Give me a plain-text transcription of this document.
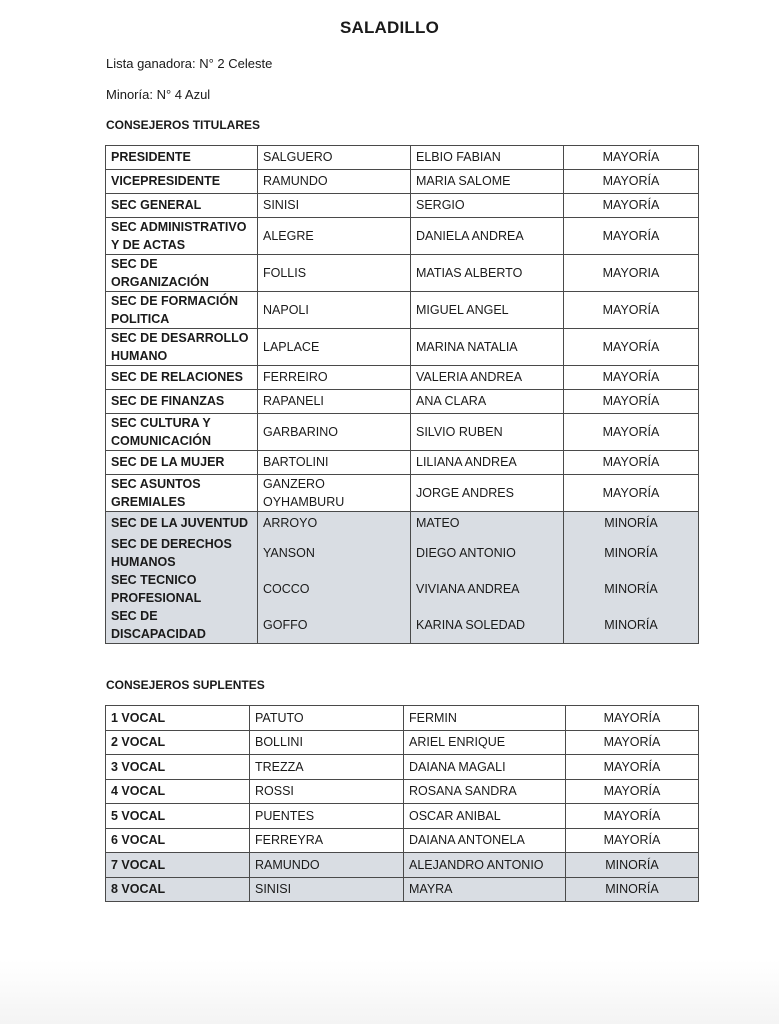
SALADILLO
Lista ganadora: N° 2 Celeste
Minoría: N° 4 Azul
CONSEJEROS TITULARES
PRESIDENTE	SALGUERO	ELBIO FABIAN	MAYORÍA
VICEPRESIDENTE	RAMUNDO	MARIA SALOME	MAYORÍA
SEC GENERAL	SINISI	SERGIO	MAYORÍA
SEC ADMINISTRATIVO Y DE ACTAS	ALEGRE	DANIELA ANDREA	MAYORÍA
SEC DE ORGANIZACIÓN	FOLLIS	MATIAS ALBERTO	MAYORIA
SEC DE FORMACIÓN POLITICA	NAPOLI	MIGUEL ANGEL	MAYORÍA
SEC DE DESARROLLO HUMANO	LAPLACE	MARINA NATALIA	MAYORÍA
SEC DE RELACIONES	FERREIRO	VALERIA ANDREA	MAYORÍA
SEC DE FINANZAS	RAPANELI	ANA CLARA	MAYORÍA
SEC CULTURA Y COMUNICACIÓN	GARBARINO	SILVIO RUBEN	MAYORÍA
SEC DE LA MUJER	BARTOLINI	LILIANA ANDREA	MAYORÍA
SEC ASUNTOS GREMIALES	GANZERO OYHAMBURU	JORGE ANDRES	MAYORÍA
SEC DE LA JUVENTUD	ARROYO	MATEO	MINORÍA
SEC DE DERECHOS HUMANOS	YANSON	DIEGO ANTONIO	MINORÍA
SEC TECNICO PROFESIONAL	COCCO	VIVIANA ANDREA	MINORÍA
SEC DE DISCAPACIDAD	GOFFO	KARINA SOLEDAD	MINORÍA
CONSEJEROS SUPLENTES
1 VOCAL	PATUTO	FERMIN	MAYORÍA
2 VOCAL	BOLLINI	ARIEL ENRIQUE	MAYORÍA
3 VOCAL	TREZZA	DAIANA MAGALI	MAYORÍA
4 VOCAL	ROSSI	ROSANA SANDRA	MAYORÍA
5 VOCAL	PUENTES	OSCAR ANIBAL	MAYORÍA
6 VOCAL	FERREYRA	DAIANA ANTONELA	MAYORÍA
7 VOCAL	RAMUNDO	ALEJANDRO ANTONIO	MINORÍA
8 VOCAL	SINISI	MAYRA	MINORÍA
